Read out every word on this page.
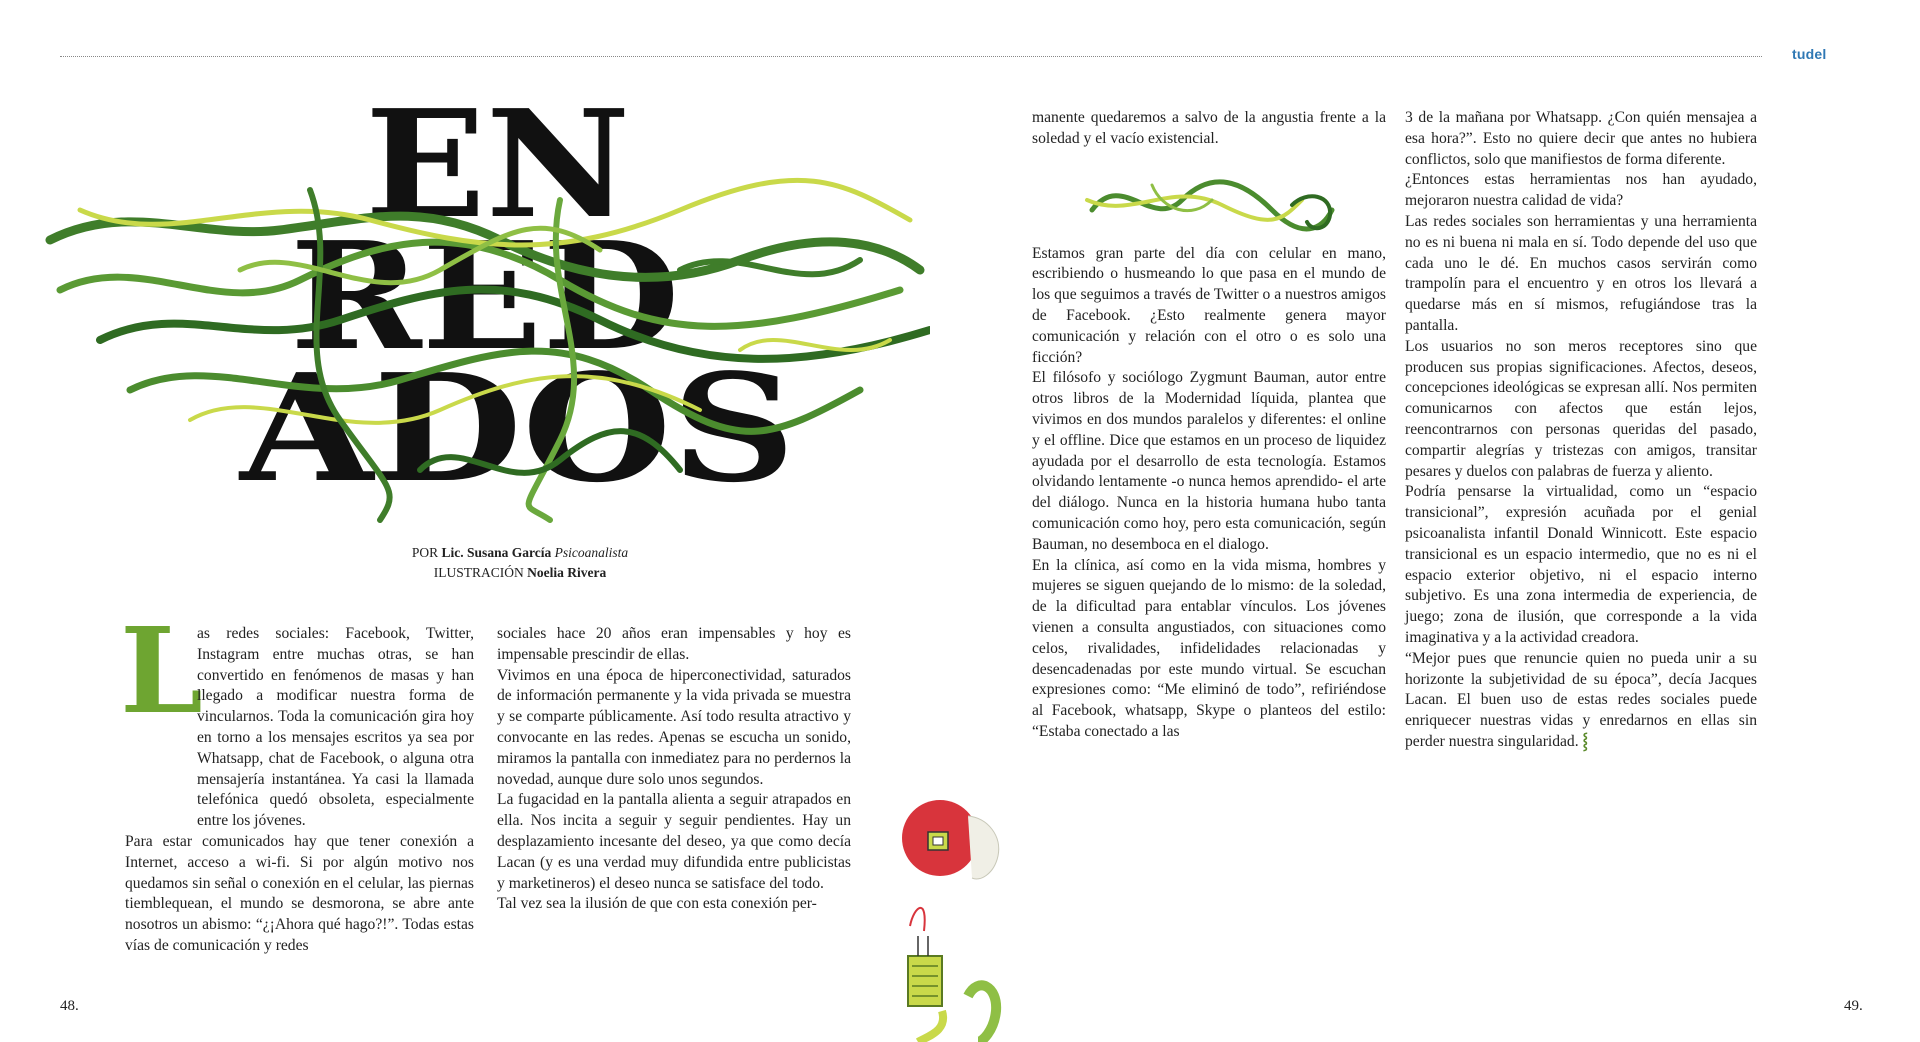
tudel
EN
RED
ADOS
POR Lic. Susana García Psicoanalista
ILUSTRACIÓN Noelia Rivera
L

as redes sociales: Facebook, Twitter, Instagram entre muchas otras, se han convertido en fenómenos de masas y han llegado a modificar nuestra forma de vincularnos. Toda la comunicación gira hoy en torno a los mensajes escritos ya sea por Whatsapp, chat de Facebook, o alguna otra mensajería instantánea. Ya casi la llamada telefónica quedó obsoleta, especialmente entre los jóvenes.

Para estar comunicados hay que tener conexión a Internet, acceso a wi-fi. Si por algún motivo nos quedamos sin señal o conexión en el celular, las piernas tiemblequean, el mundo se desmorona, se abre ante nosotros un abismo: “¿¡Ahora qué hago?!”. Todas estas vías de comunicación y redes

sociales hace 20 años eran impensables y hoy es impensable prescindir de ellas.

Vivimos en una época de hiperconectividad, saturados de información permanente y la vida privada se muestra y se comparte públicamente. Así todo resulta atractivo y convocante en las redes. Apenas se escucha un sonido, miramos la pantalla con inmediatez para no perdernos la novedad, aunque dure solo unos segundos.

La fugacidad en la pantalla alienta a seguir atrapados en ella. Nos incita a seguir y seguir pendientes. Hay un desplazamiento incesante del deseo, ya que como decía Lacan (y es una verdad muy difundida entre publicistas y marketineros) el deseo nunca se satisface del todo.

Tal vez sea la ilusión de que con esta conexión per-

manente quedaremos a salvo de la angustia frente a la soledad y el vacío existencial.

Estamos gran parte del día con celular en mano, escribiendo o husmeando lo que pasa en el mundo de los que seguimos a través de Twitter o a nuestros amigos de Facebook. ¿Esto realmente genera mayor comunicación y relación con el otro o es solo una ficción?

El filósofo y sociólogo Zygmunt Bauman, autor entre otros libros de la Modernidad líquida, plantea que vivimos en dos mundos paralelos y diferentes: el online y el offline. Dice que estamos en un proceso de liquidez ayudada por el desarrollo de esta tecnología. Estamos olvidando lentamente -o nunca hemos aprendido- el arte del diálogo. Nunca en la historia humana hubo tanta comunicación como hoy, pero esta comunicación, según Bauman, no desemboca en el dialogo.

En la clínica, así como en la vida misma, hombres y mujeres se siguen quejando de lo mismo: de la soledad, de la dificultad para entablar vínculos. Los jóvenes vienen a consulta angustiados, con situaciones como celos, rivalidades, infidelidades relacionadas y desencadenadas por este mundo virtual. Se escuchan expresiones como: “Me eliminó de todo”, refiriéndose al Facebook, whatsapp, Skype o planteos del estilo: “Estaba conectado a las

3 de la mañana por Whatsapp. ¿Con quién mensajea a esa hora?”. Esto no quiere decir que antes no hubiera conflictos, solo que manifiestos de forma diferente.

¿Entonces estas herramientas nos han ayudado, mejoraron nuestra calidad de vida?

Las redes sociales son herramientas y una herramienta no es ni buena ni mala en sí. Todo depende del uso que cada uno le dé. En muchos casos servirán como trampolín para el encuentro y en otros los llevará a quedarse más en sí mismos, refugiándose tras la pantalla.

Los usuarios no son meros receptores sino que producen sus propias significaciones. Afectos, deseos, concepciones ideológicas se expresan allí. Nos permiten comunicarnos con afectos que están lejos, reencontrarnos con personas queridas del pasado, compartir alegrías y tristezas con amigos, transitar pesares y duelos con palabras de fuerza y aliento.

Podría pensarse la virtualidad, como un “espacio transicional”, expresión acuñada por el genial psicoanalista infantil Donald Winnicott. Este espacio transicional es un espacio intermedio, que no es ni el espacio exterior objetivo, ni el espacio interno subjetivo. Es una zona intermedia de experiencia, de juego; zona de ilusión, que corresponde a la vida imaginativa y a la actividad creadora.

“Mejor pues que renuncie quien no pueda unir a su horizonte la subjetividad de su época”, decía Jacques Lacan. El buen uso de estas redes sociales puede enriquecer nuestras vidas y enredarnos en ellas sin perder nuestra singularidad. ⸾

48.	49.
